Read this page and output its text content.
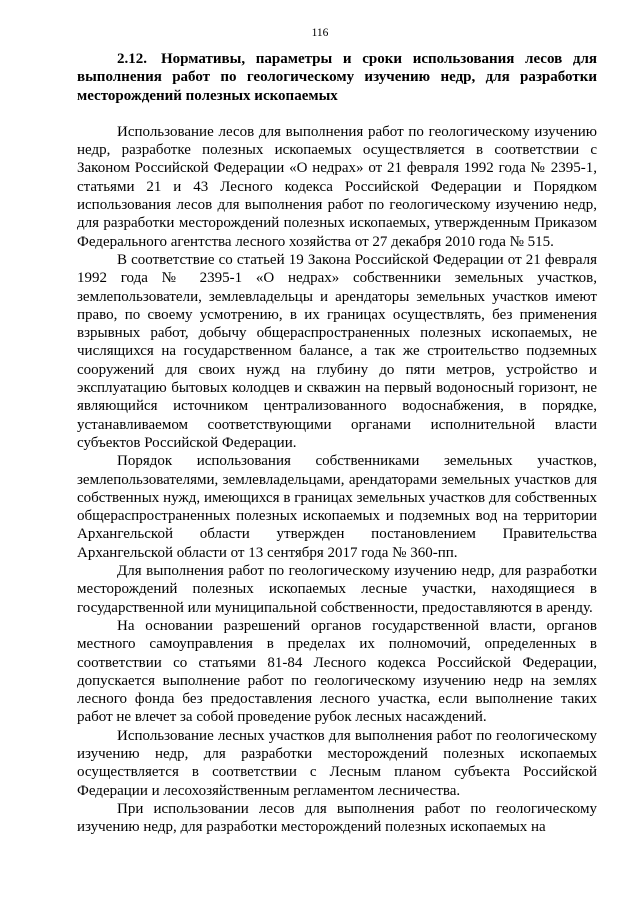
116

2.12. Нормативы, параметры и сроки использования лесов для выполнения работ по геологическому изучению недр, для разработки месторождений полезных ископаемых

Использование лесов для выполнения работ по геологическому изучению недр, разработке полезных ископаемых осуществляется в соответствии с Законом Российской Федерации «О недрах» от 21 февраля 1992 года № 2395-1, статьями 21 и 43 Лесного кодекса Российской Федерации и Порядком использования лесов для выполнения работ по геологическому изучению недр, для разработки месторождений полезных ископаемых, утвержденным Приказом Федерального агентства лесного хозяйства от 27 декабря 2010 года № 515.

В соответствие со статьей 19 Закона Российской Федерации от 21 февраля 1992 года № 2395-1 «О недрах» собственники земельных участков, землепользователи, землевладельцы и арендаторы земельных участков имеют право, по своему усмотрению, в их границах осуществлять, без применения взрывных работ, добычу общераспространенных полезных ископаемых, не числящихся на государственном балансе, а так же строительство подземных сооружений для своих нужд на глубину до пяти метров, устройство и эксплуатацию бытовых колодцев и скважин на первый водоносный горизонт, не являющийся источником централизованного водоснабжения, в порядке, устанавливаемом соответствующими органами исполнительной власти субъектов Российской Федерации.

Порядок использования собственниками земельных участков, землепользователями, землевладельцами, арендаторами земельных участков для собственных нужд, имеющихся в границах земельных участков для собственных общераспространенных полезных ископаемых и подземных вод на территории Архангельской области утвержден постановлением Правительства Архангельской области от 13 сентября 2017 года № 360-пп.

Для выполнения работ по геологическому изучению недр, для разработки месторождений полезных ископаемых лесные участки, находящиеся в государственной или муниципальной собственности, предоставляются в аренду.

На основании разрешений органов государственной власти, органов местного самоуправления в пределах их полномочий, определенных в соответствии со статьями 81-84 Лесного кодекса Российской Федерации, допускается выполнение работ по геологическому изучению недр на землях лесного фонда без предоставления лесного участка, если выполнение таких работ не влечет за собой проведение рубок лесных насаждений.

Использование лесных участков для выполнения работ по геологическому изучению недр, для разработки месторождений полезных ископаемых осуществляется в соответствии с Лесным планом субъекта Российской Федерации и лесохозяйственным регламентом лесничества.

При использовании лесов для выполнения работ по геологическому изучению недр, для разработки месторождений полезных ископаемых на
